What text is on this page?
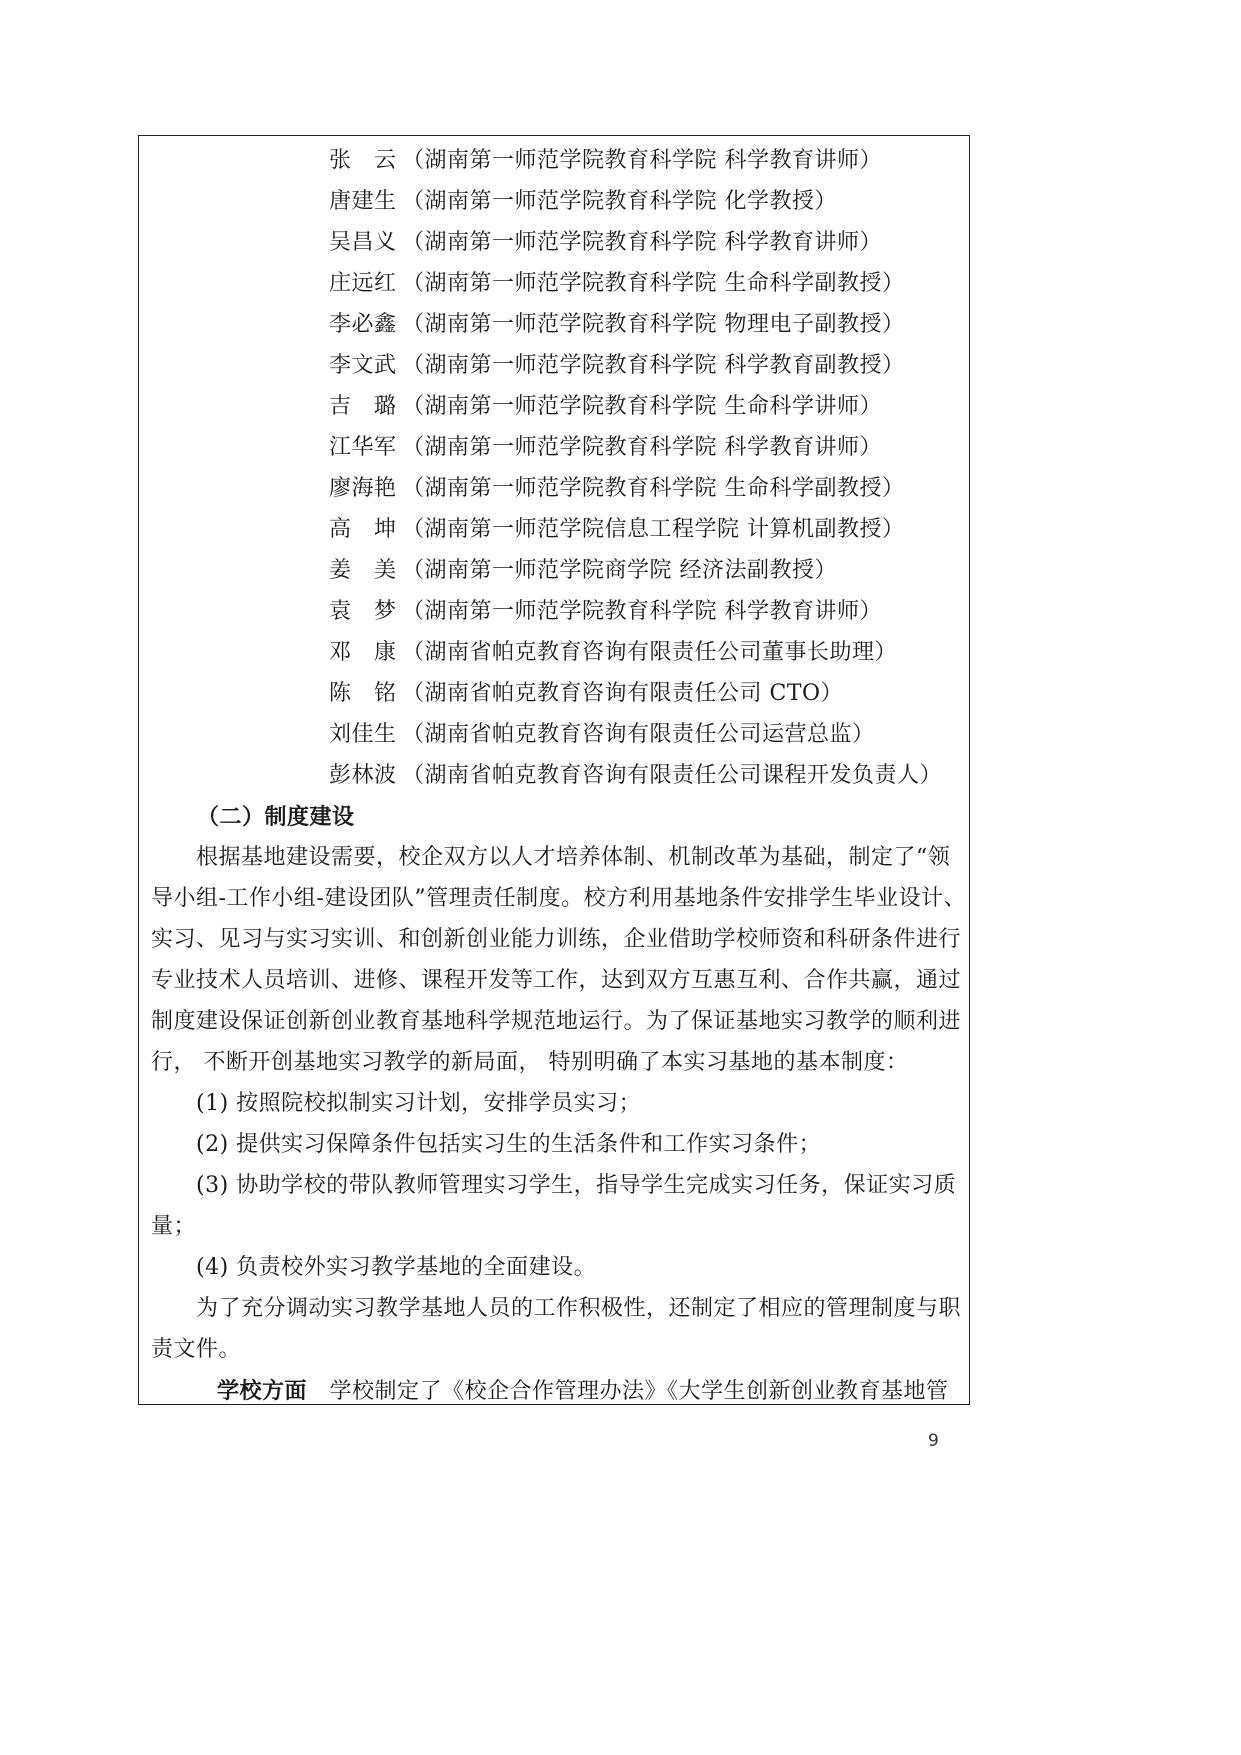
张　云 （湖南第一师范学院教育科学院 科学教育讲师）
唐建生 （湖南第一师范学院教育科学院 化学教授）
吴昌义 （湖南第一师范学院教育科学院 科学教育讲师）
庄远红 （湖南第一师范学院教育科学院 生命科学副教授）
李必鑫 （湖南第一师范学院教育科学院 物理电子副教授）
李文武 （湖南第一师范学院教育科学院 科学教育副教授）
吉　璐 （湖南第一师范学院教育科学院 生命科学讲师）
江华军 （湖南第一师范学院教育科学院 科学教育讲师）
廖海艳 （湖南第一师范学院教育科学院 生命科学副教授）
高　坤 （湖南第一师范学院信息工程学院 计算机副教授）
姜　美 （湖南第一师范学院商学院 经济法副教授）
袁　梦 （湖南第一师范学院教育科学院 科学教育讲师）
邓　康 （湖南省帕克教育咨询有限责任公司董事长助理）
陈　铭 （湖南省帕克教育咨询有限责任公司 CTO）
刘佳生 （湖南省帕克教育咨询有限责任公司运营总监）
彭林波 （湖南省帕克教育咨询有限责任公司课程开发负责人）
（二）制度建设
　　根据基地建设需要，校企双方以人才培养体制、机制改革为基础，制定了“领
导小组-工作小组-建设团队”管理责任制度。校方利用基地条件安排学生毕业设计、
实习、见习与实习实训、和创新创业能力训练，企业借助学校师资和科研条件进行
专业技术人员培训、进修、课程开发等工作，达到双方互惠互利、合作共赢，通过
制度建设保证创新创业教育基地科学规范地运行。为了保证基地实习教学的顺利进
行， 不断开创基地实习教学的新局面， 特别明确了本实习基地的基本制度：
　　(1) 按照院校拟制实习计划，安排学员实习；
　　(2) 提供实习保障条件包括实习生的生活条件和工作实习条件；
　　(3) 协助学校的带队教师管理实习学生，指导学生完成实习任务，保证实习质
量；
　　(4) 负责校外实习教学基地的全面建设。
　　为了充分调动实习教学基地人员的工作积极性，还制定了相应的管理制度与职
责文件。
学校方面　 学校制定了《校企合作管理办法》《大学生创新创业教育基地管
9
